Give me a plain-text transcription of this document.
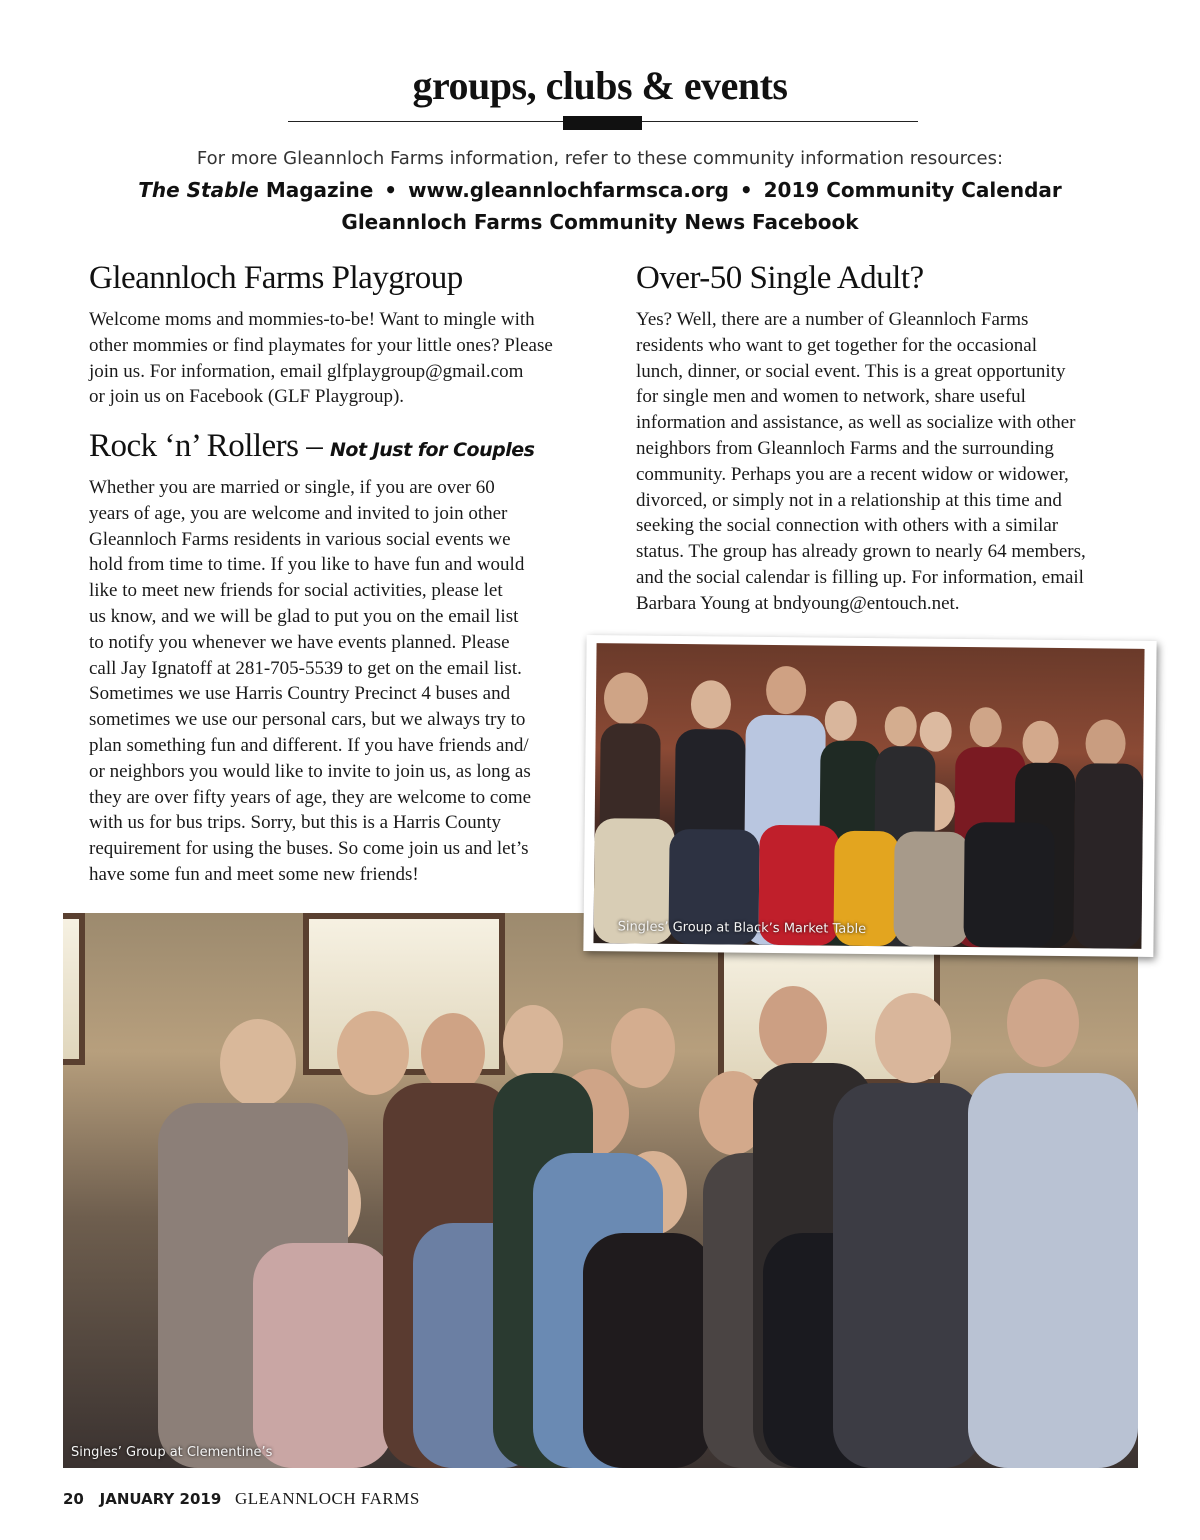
groups, clubs & events
For more Gleannloch Farms information, refer to these community information resources:
The Stable Magazine • www.gleannlochfarmsca.org • 2019 Community Calendar
Gleannloch Farms Community News Facebook
Gleannloch Farms Playgroup
Welcome moms and mommies-to-be! Want to mingle with
other mommies or find playmates for your little ones? Please
join us. For information, email glfplaygroup@gmail.com
or join us on Facebook (GLF Playgroup).
Rock ‘n’ Rollers – Not Just for Couples
Whether you are married or single, if you are over 60
years of age, you are welcome and invited to join other
Gleannloch Farms residents in various social events we
hold from time to time. If you like to have fun and would
like to meet new friends for social activities, please let
us know, and we will be glad to put you on the email list
to notify you whenever we have events planned. Please
call Jay Ignatoff at 281-705-5539 to get on the email list.
Sometimes we use Harris Country Precinct 4 buses and
sometimes we use our personal cars, but we always try to
plan something fun and different. If you have friends and/
or neighbors you would like to invite to join us, as long as
they are over fifty years of age, they are welcome to come
with us for bus trips. Sorry, but this is a Harris County
requirement for using the buses. So come join us and let’s
have some fun and meet some new friends!
Over-50 Single Adult?
Yes? Well, there are a number of Gleannloch Farms
residents who want to get together for the occasional
lunch, dinner, or social event. This is a great opportunity
for single men and women to network, share useful
information and assistance, as well as socialize with other
neighbors from Gleannloch Farms and the surrounding
community. Perhaps you are a recent widow or widower,
divorced, or simply not in a relationship at this time and
seeking the social connection with others with a similar
status. The group has already grown to nearly 64 members,
and the social calendar is filling up. For information, email
Barbara Young at bndyoung@entouch.net.
Singles’ Group at Clementine’s
Singles’ Group at Black’s Market Table
20 JANUARY 2019 GLEANNLOCH FARMS
